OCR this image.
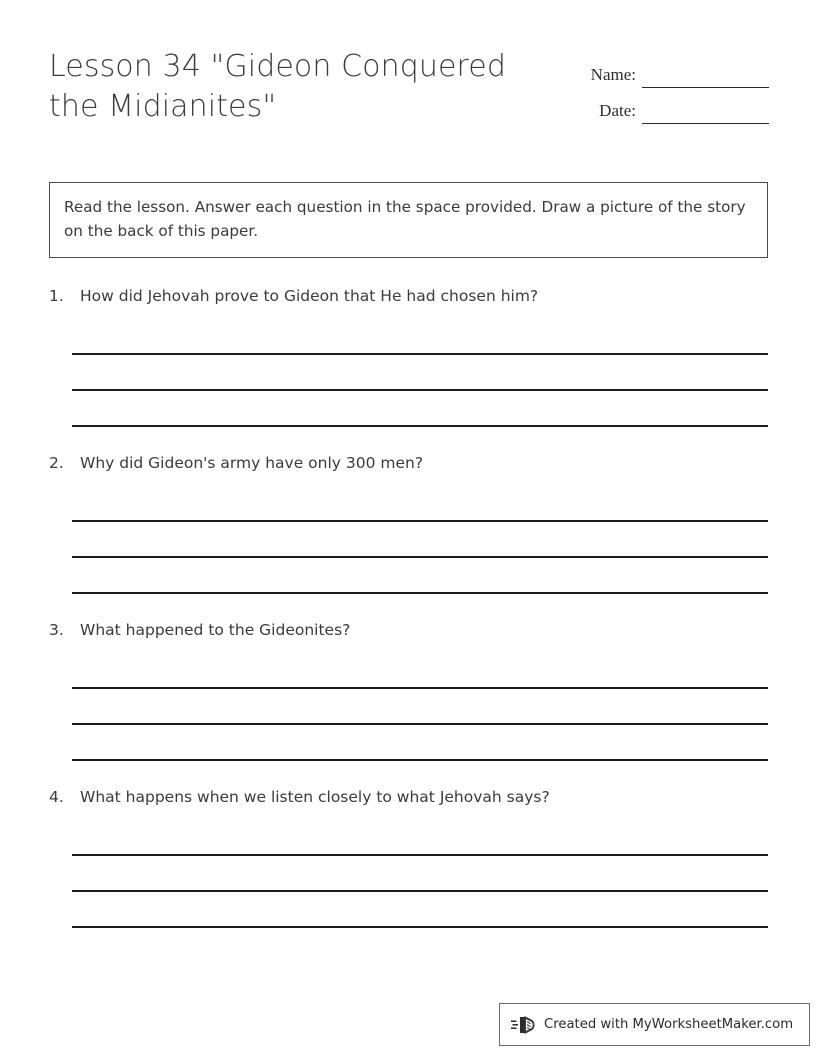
Lesson 34 "Gideon Conquered the Midianites"
Name:
Date:
Read the lesson. Answer each question in the space provided. Draw a picture of the story on the back of this paper.
1.	How did Jehovah prove to Gideon that He had chosen him?
2.	Why did Gideon's army have only 300 men?
3.	What happened to the Gideonites?
4.	What happens when we listen closely to what Jehovah says?
Created with MyWorksheetMaker.com
